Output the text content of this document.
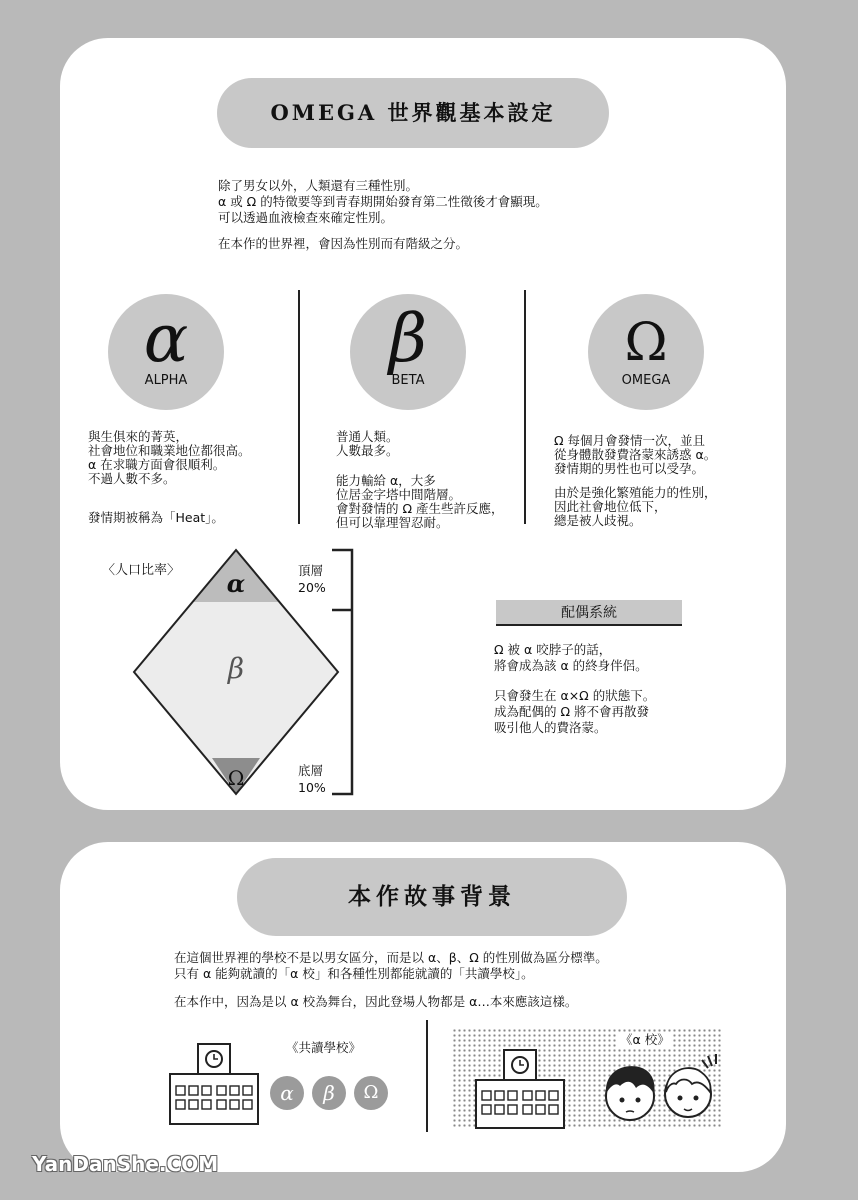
OMEGA 世界觀基本設定
除了男女以外，人類還有三種性別。
α 或 Ω 的特徵要等到青春期開始發育第二性徵後才會顯現。
可以透過血液檢查來確定性別。
在本作的世界裡，會因為性別而有階級之分。
α
ALPHA
β
BETA
Ω
OMEGA
與生俱來的菁英，
社會地位和職業地位都很高。
α 在求職方面會很順利。
不過人數不多。
發情期被稱為「Heat」。
普通人類。
人數最多。
能力輸給 α，大多
位居金字塔中間階層。
會對發情的 Ω 產生些許反應，
但可以靠理智忍耐。
Ω 每個月會發情一次，並且
從身體散發費洛蒙來誘惑 α。
發情期的男性也可以受孕。
由於是強化繁殖能力的性別，
因此社會地位低下，
總是被人歧視。
〈人口比率〉 α
β
Ω
頂層
20%
底層
10%
配偶系統
Ω 被 α 咬脖子的話，
將會成為該 α 的終身伴侶。
只會發生在 α×Ω 的狀態下。
成為配偶的 Ω 將不會再散發
吸引他人的費洛蒙。
本作故事背景
在這個世界裡的學校不是以男女區分，而是以 α、β、Ω 的性別做為區分標準。
只有 α 能夠就讀的「α 校」和各種性別都能就讀的「共讀學校」。
在本作中，因為是以 α 校為舞台，因此登場人物都是 α…本來應該這樣。
《共讀學校》
α	β	Ω
《α 校》
YanDanShe.COM
